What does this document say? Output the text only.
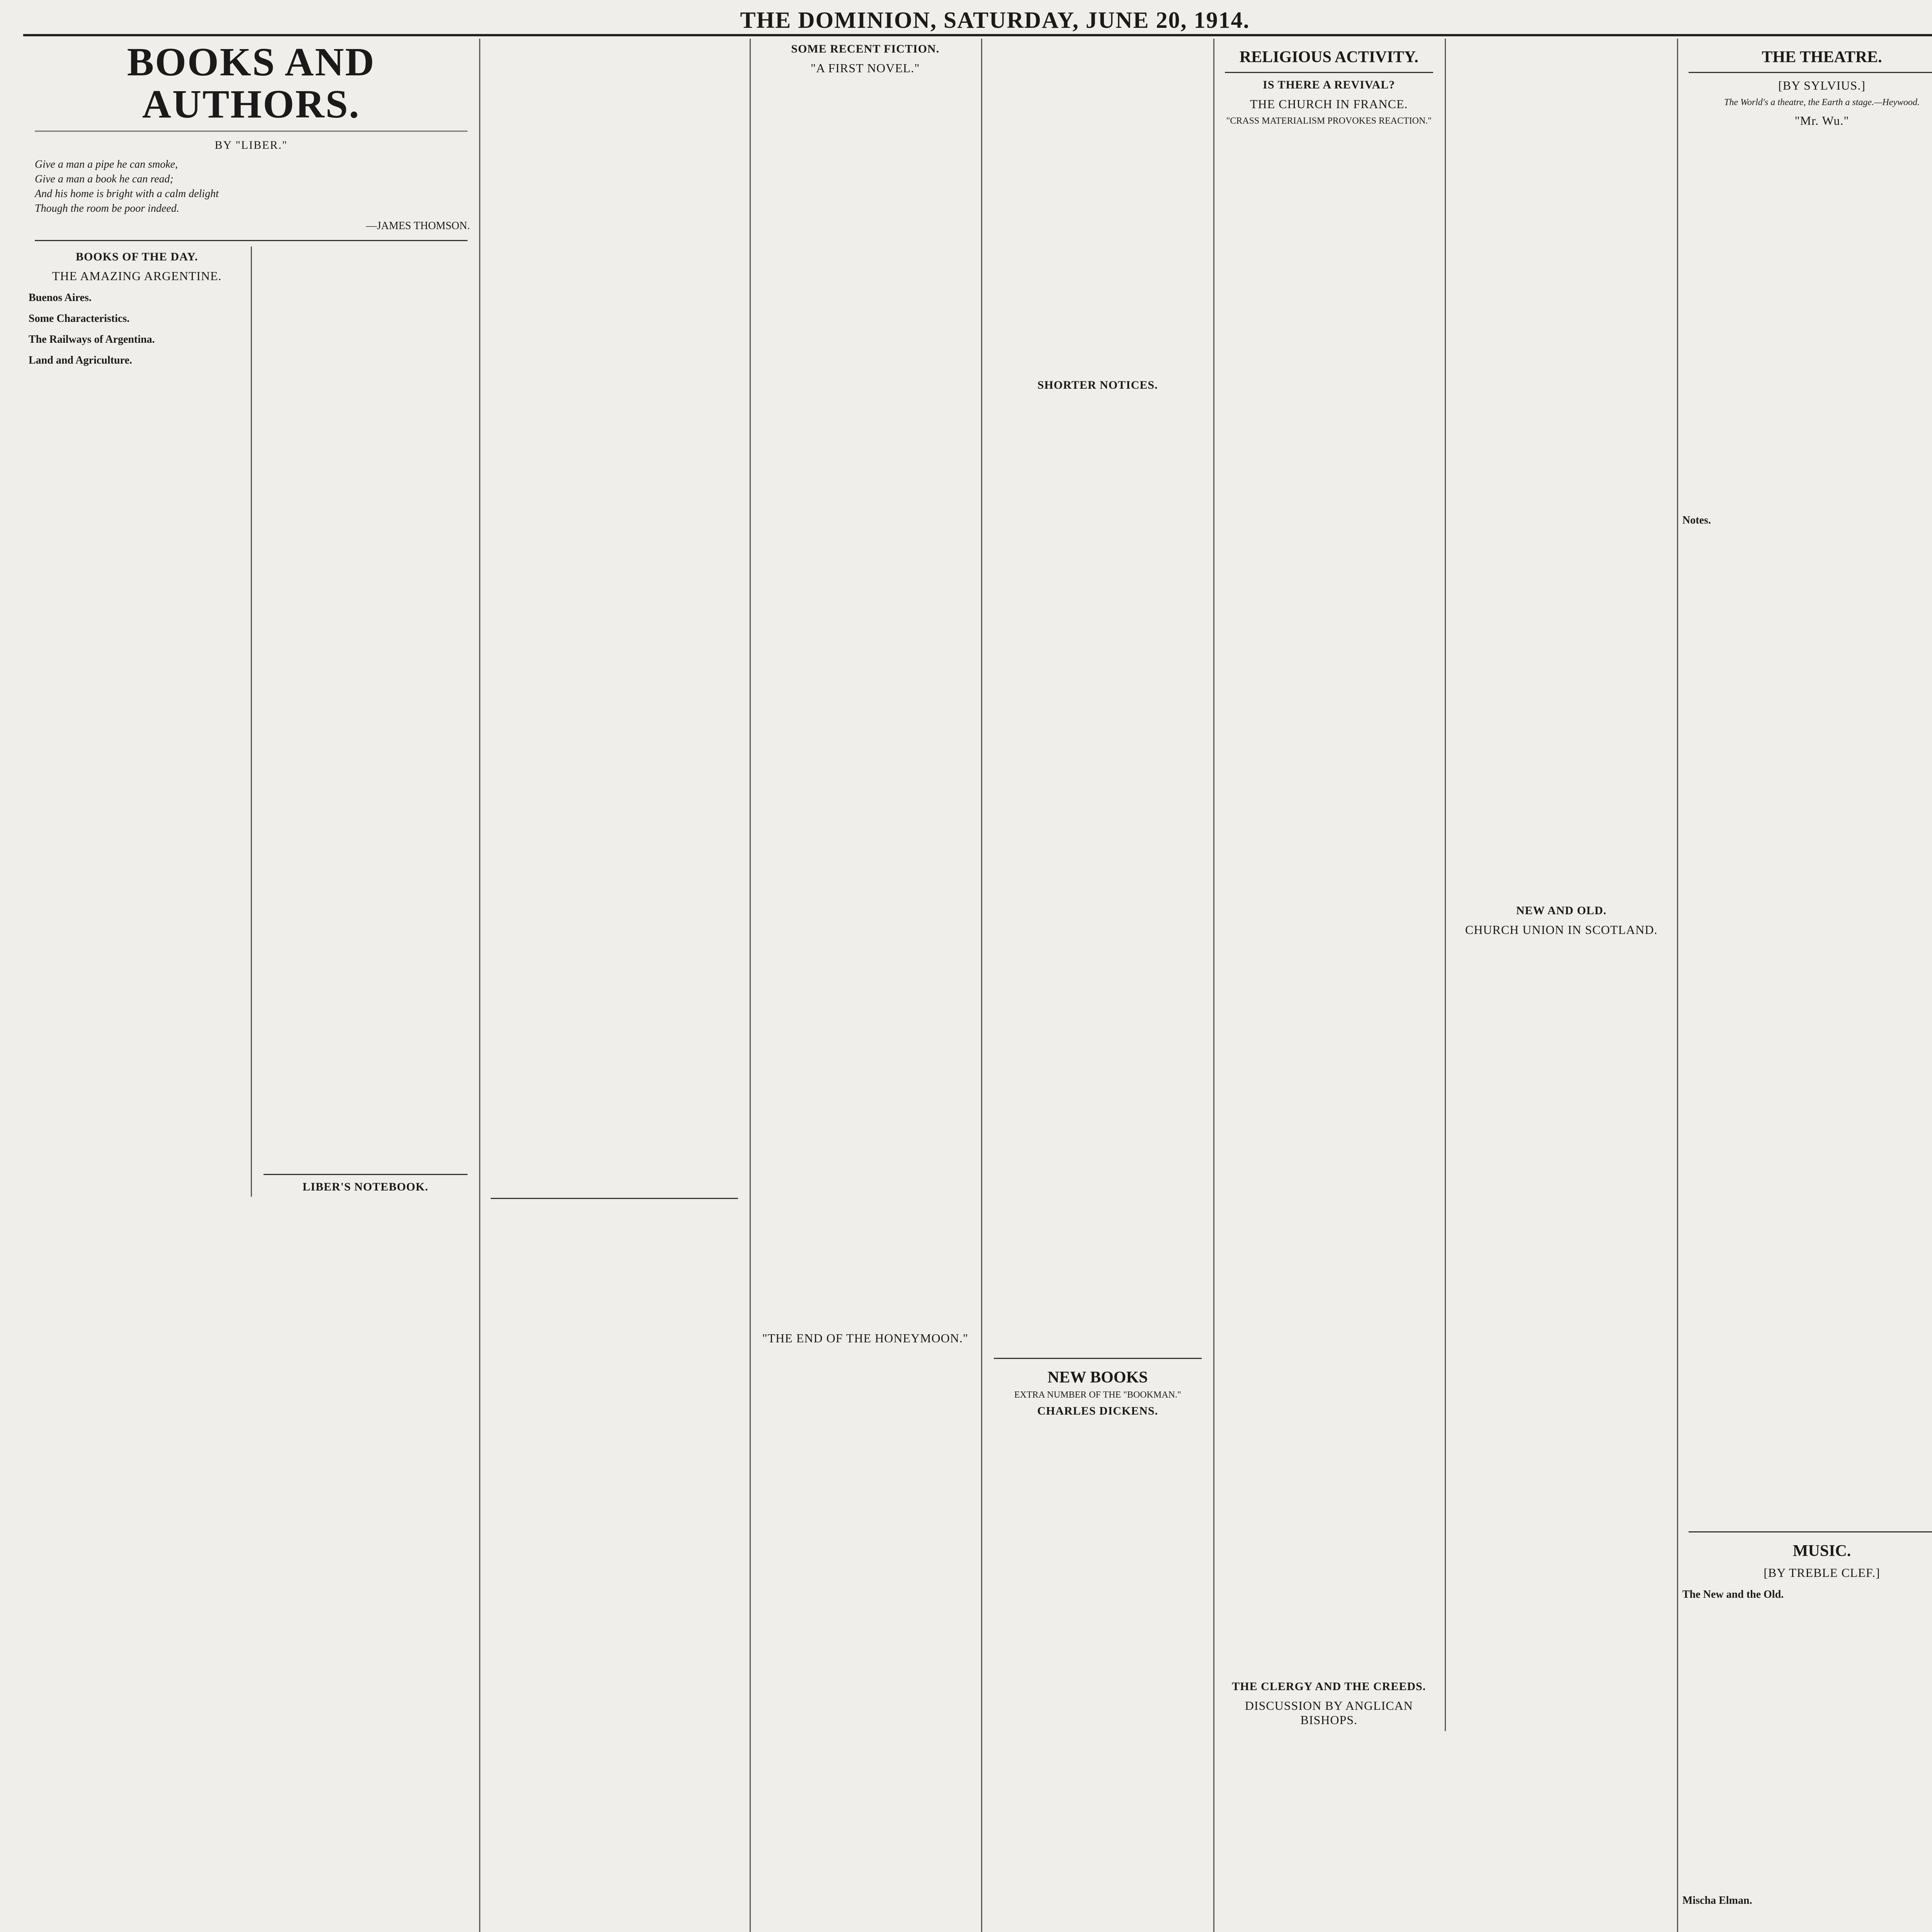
THE DOMINION, SATURDAY, JUNE 20, 1914.
BOOKS AND AUTHORS.
BY "LIBER."
Give a man a pipe he can smoke,
Give a man a book he can read;
And his home is bright with a calm delight
Though the room be poor indeed.
—JAMES THOMSON.
BOOKS OF THE DAY.
THE AMAZING ARGENTINE.
Buenos Aires.
Some Characteristics.
The Railways of Argentina.
Land and Agriculture.
LIBER'S NOTEBOOK.
SOME RECENT FICTION.
"A FIRST NOVEL."
"THE END OF THE HONEYMOON."
SHORTER NOTICES.
NEW BOOKS
EXTRA NUMBER OF THE "BOOKMAN."
CHARLES DICKENS.
RELIGIOUS ACTIVITY.
IS THERE A REVIVAL?
THE CHURCH IN FRANCE.
"CRASS MATERIALISM PROVOKES REACTION."
THE CLERGY AND THE CREEDS.
DISCUSSION BY ANGLICAN BISHOPS.
NEW AND OLD.
CHURCH UNION IN SCOTLAND.
THE THEATRE.
[BY SYLVIUS.]
The World's a theatre, the Earth a stage.—Heywood.
"Mr. Wu."
Notes.
MUSIC.
[BY TREBLE CLEF.]
The New and the Old.
Mischa Elman.
